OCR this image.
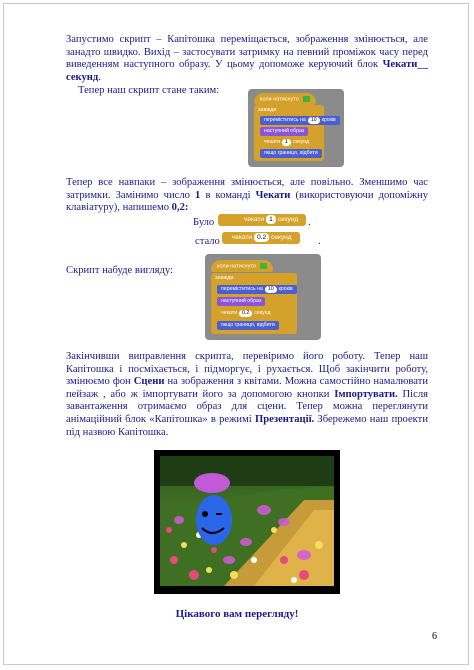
Запустимо скрипт – Капітошка переміщається, зображення змінюється, але занадто швидко. Вихід – застосувати затримку на певний проміжок часу перед виведенням наступного образу. У цьому допоможе керуючий блок Чекати__ секунд.

Тепер наш скрипт стане таким:

коли натиснуто
завжди
переміститись на 10 кроків
наступний образ
чекати 1 секунд
якщо границя, відбити

Тепер все навпаки – зображення змінюється, але повільно. Зменшимо час затримки. Замінимо число 1 в команді Чекати (використовуючи допоміжну клавіатуру), напишемо 0,2:

Було	чекати 1 секунд .
стало	чекати 0.2 секунд	.

Скрипт набуде вигляду:	коли натиснуто
завжди
переміститись на 10 кроків
наступний образ
чекати 0.2 секунд
якщо границя, відбити

Закінчивши виправлення скрипта, перевіримо його роботу. Тепер наш Капітошка і посміхається, і підморгує, і рухається. Щоб закінчити роботу, змінюємо фон Сцени на зображення з квітами. Можна самостійно намалювати пейзаж , або ж імпортувати його за допомогою кнопки Імпортувати. Після завантаження отримаємо образ для сцени. Тепер можна переглянути анімаційний блок «Капітошка» в режимі Презентації. Збережемо наш проекти під назвою Капітошка.

Цікавого вам перегляду!
6
